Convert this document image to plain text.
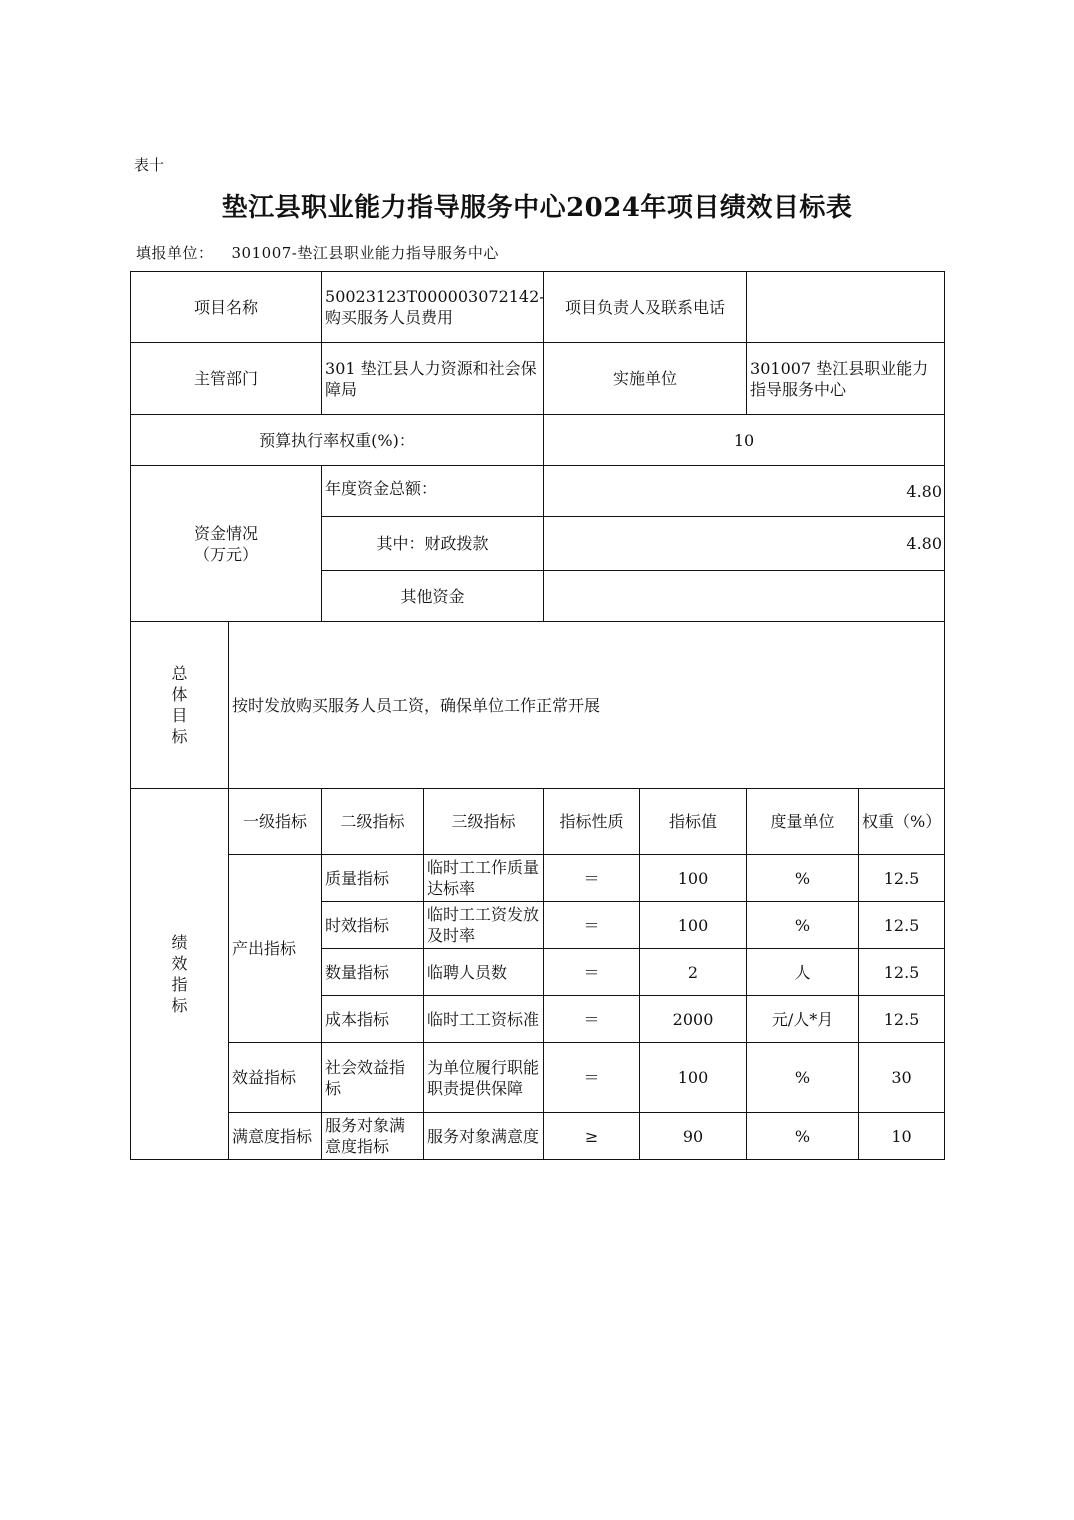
表十
垫江县职业能力指导服务中心2024年项目绩效目标表
填报单位： 301007-垫江县职业能力指导服务中心
项目名称		50023123T000003072142-购买服务人员费用		项目负责人及联系电话			
主管部门		301 垫江县人力资源和社会保障局		实施单位		301007 垫江县职业能力指导服务中心	
预算执行率权重(%)：				10			

资金情况
（万元）		年度资金总额：		4.80			
		其中：财政拨款		4.80			
		其他资金					

总
体
目
标	按时发放购买服务人员工资，确保单位工作正常开展						

绩
效
指
标	一级指标	二级指标	三级指标	指标性质	指标值	度量单位	权重（%）
	产出指标	质量指标	临时工工作质量达标率	＝	100	%	12.5
		时效指标	临时工工资发放及时率	＝	100	%	12.5
		数量指标	临聘人员数	＝	2	人	12.5
		成本指标	临时工工资标准	＝	2000	元/人*月	12.5
	效益指标	社会效益指标	为单位履行职能职责提供保障	＝	100	%	30
	满意度指标	服务对象满意度指标	服务对象满意度	≥	90	%	10
